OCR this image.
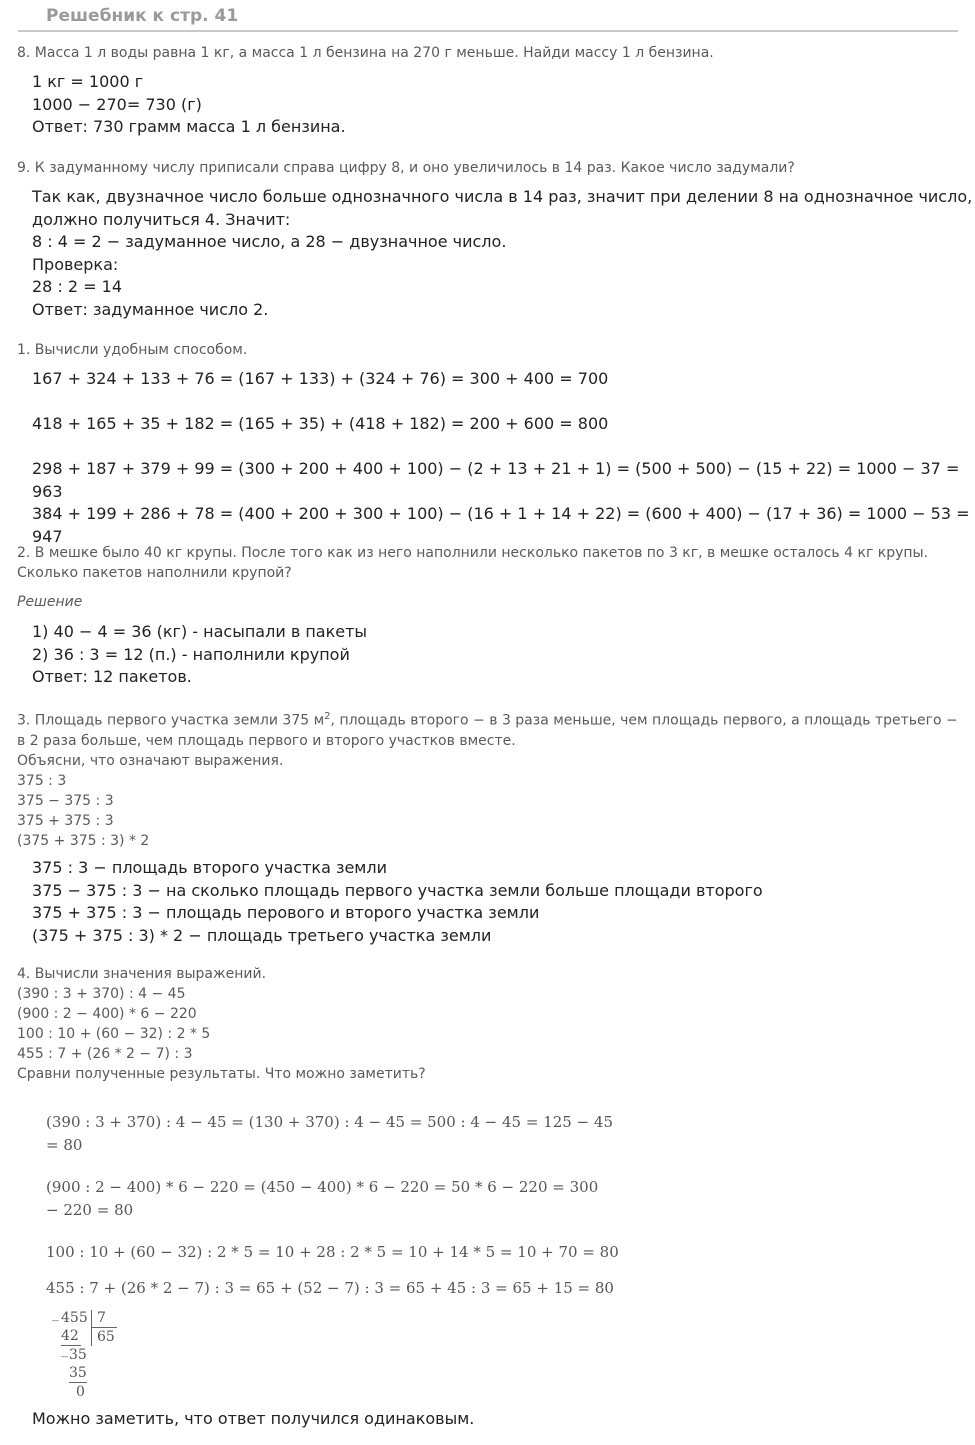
Решебник к стр. 41
8. Масса 1 л воды равна 1 кг, а масса 1 л бензина на 270 г меньше. Найди массу 1 л бензина.
1 кг = 1000 г
1000 − 270= 730 (г)
Ответ: 730 грамм масса 1 л бензина.
9. К задуманному числу приписали справа цифру 8, и оно увеличилось в 14 раз. Какое число задумали?
Так как, двузначное число больше однозначного числа в 14 раз, значит при делении 8 на однозначное число,
должно получиться 4. Значит:
8 : 4 = 2 − задуманное число, а 28 − двузначное число.
Проверка:
28 : 2 = 14
Ответ: задуманное число 2.
1. Вычисли удобным способом.
167 + 324 + 133 + 76 = (167 + 133) + (324 + 76) = 300 + 400 = 700
418 + 165 + 35 + 182 = (165 + 35) + (418 + 182) = 200 + 600 = 800
298 + 187 + 379 + 99 = (300 + 200 + 400 + 100) − (2 + 13 + 21 + 1) = (500 + 500) − (15 + 22) = 1000 − 37 = 963
384 + 199 + 286 + 78 = (400 + 200 + 300 + 100) − (16 + 1 + 14 + 22) = (600 + 400) − (17 + 36) = 1000 − 53 = 947
2. В мешке было 40 кг крупы. После того как из него наполнили несколько пакетов по 3 кг, в мешке осталось 4 кг крупы.
Сколько пакетов наполнили крупой?
Решение
1) 40 − 4 = 36 (кг) - насыпали в пакеты
2) 36 : 3 = 12 (п.) - наполнили крупой
Ответ: 12 пакетов.
3. Площадь первого участка земли 375 $м^2$, площадь второго − в 3 раза меньше, чем площадь первого, а площадь третьего −
в 2 раза больше, чем площадь первого и второго участков вместе.
Объясни, что означают выражения.
375 : 3
375 − 375 : 3
375 + 375 : 3
(375 + 375 : 3) * 2
375 : 3 − площадь второго участка земли
375 − 375 : 3 − на сколько площадь первого участка земли больше площади второго
375 + 375 : 3 − площадь перового и второго участка земли
(375 + 375 : 3) * 2 − площадь третьего участка земли
4. Вычисли значения выражений.
(390 : 3 + 370) : 4 − 45
(900 : 2 − 400) * 6 − 220
100 : 10 + (60 − 32) : 2 * 5
455 : 7 + (26 * 2 − 7) : 3
Сравни полученные результаты. Что можно заметить?
(390 : 3 + 370) : 4 − 45 = (130 + 370) : 4 − 45 = 500 : 4 − 45 = 125 − 45
= 80
(900 : 2 − 400) * 6 − 220 = (450 − 400) * 6 − 220 = 50 * 6 − 220 = 300
− 220 = 80
100 : 10 + (60 − 32) : 2 * 5 = 10 + 28 : 2 * 5 = 10 + 14 * 5 = 10 + 70 = 80
455 : 7 + (26 * 2 − 7) : 3 = 65 + (52 − 7) : 3 = 65 + 45 : 3 = 65 + 15 = 80
_ 455 7
65
42
_ 35
35
0
Можно заметить, что ответ получился одинаковым.
